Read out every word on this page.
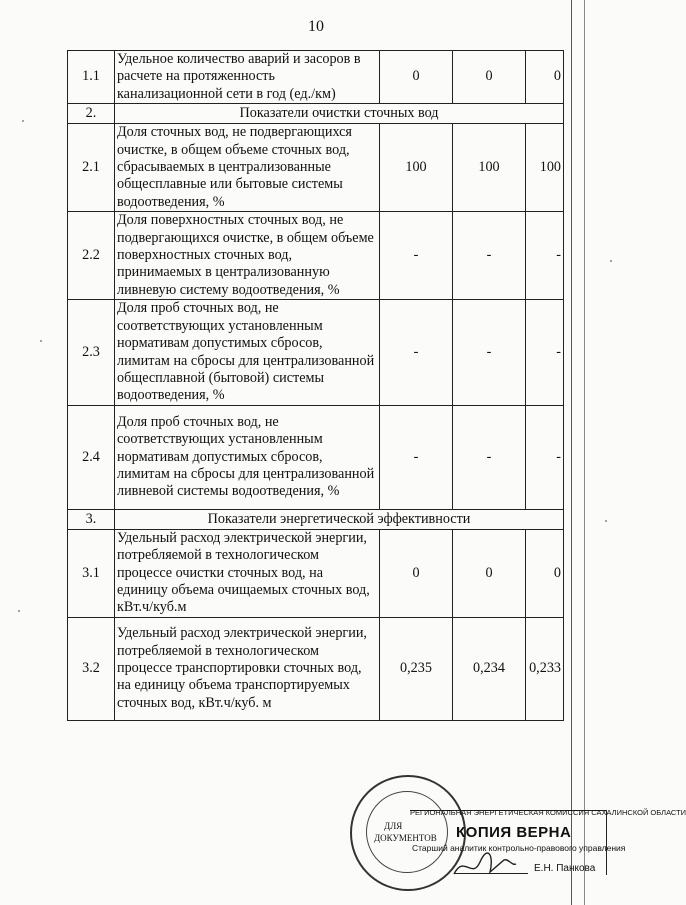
10
1.1	Удельное количество аварий и засоров в расчете на протяженность канализационной сети в год (ед./км)	0	0	0
2.	Показатели очистки сточных вод			
2.1	Доля сточных вод, не подвергающихся очистке, в общем объеме сточных вод, сбрасываемых в централизованные общесплавные или бытовые системы водоотведения, %	100	100	100
2.2	Доля поверхностных сточных вод, не подвергающихся очистке, в общем объеме поверхностных сточных вод, принимаемых в централизованную ливневую систему водоотведения, %	-	-	-
2.3	Доля проб сточных вод, не соответствующих установленным нормативам допустимых сбросов, лимитам на сбросы для централизованной общесплавной (бытовой) системы водоотведения, %	-	-	-
2.4	Доля проб сточных вод, не соответствующих установленным нормативам допустимых сбросов, лимитам на сбросы для централизованной ливневой системы водоотведения, %	-	-	-
3.	Показатели энергетической эффективности			
3.1	Удельный расход электрической энергии, потребляемой в технологическом процессе очистки сточных вод, на единицу объема очищаемых сточных вод, кВт.ч/куб.м	0	0	0
3.2	Удельный расход электрической энергии, потребляемой в технологическом процессе транспортировки сточных вод, на единицу объема транспортируемых сточных вод, кВт.ч/куб. м	0,235	0,234	0,233
ДЛЯ
ДОКУМЕНТОВ
РЕГИОНАЛЬНАЯ ЭНЕРГЕТИЧЕСКАЯ КОМИССИЯ САХАЛИНСКОЙ ОБЛАСТИ
КОПИЯ ВЕРНА
Старший аналитик контрольно-правового управления
Е.Н. Панкова
